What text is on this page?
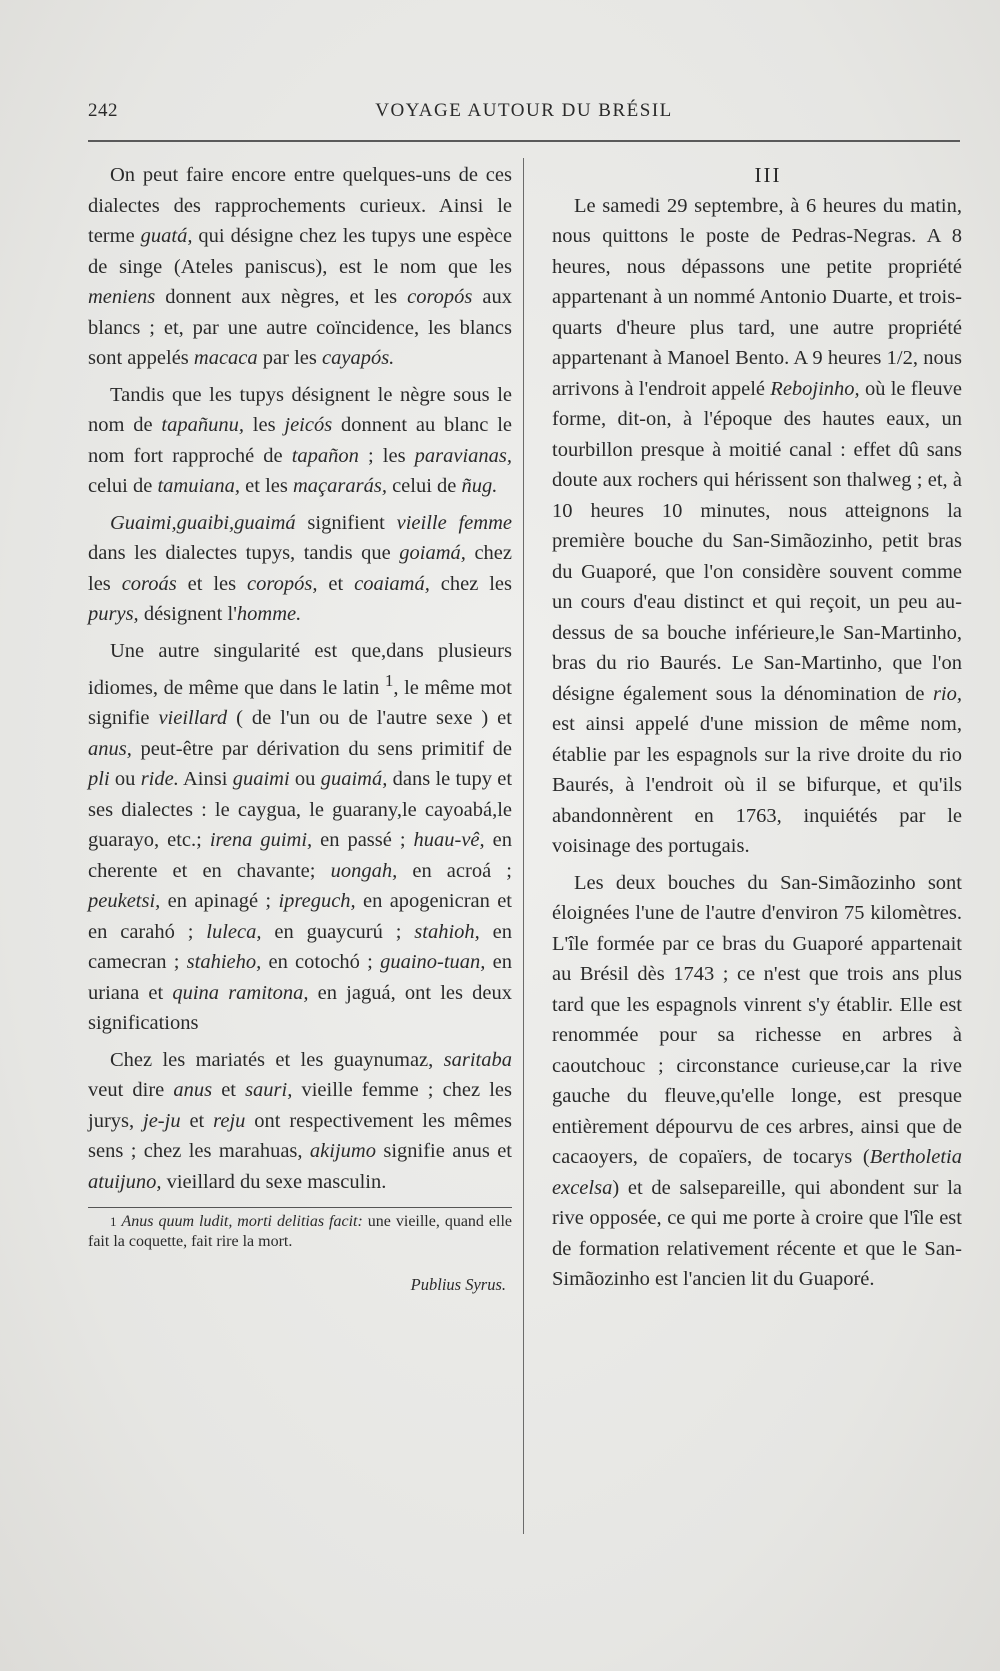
242	VOYAGE AUTOUR DU BRÉSIL

On peut faire encore entre quelques-uns de ces dialectes des rapprochements curieux. Ainsi le terme guatá, qui désigne chez les tupys une espèce de singe (Ateles paniscus), est le nom que les meniens donnent aux nègres, et les coropós aux blancs ; et, par une autre coïncidence, les blancs sont appelés macaca par les cayapós.

Tandis que les tupys désignent le nègre sous le nom de tapañunu, les jeicós donnent au blanc le nom fort rapproché de tapañon ; les paravianas, celui de tamuiana, et les maçararás, celui de ñug.

Guaimi,guaibi,guaimá signifient vieille femme dans les dialectes tupys, tandis que goiamá, chez les coroás et les coropós, et coaiamá, chez les purys, désignent l'homme.

Une autre singularité est que,dans plusieurs idiomes, de même que dans le latin $^1$, le même mot signifie vieillard ( de l'un ou de l'autre sexe ) et anus, peut-être par dérivation du sens primitif de pli ou ride. Ainsi guaimi ou guaimá, dans le tupy et ses dialectes : le caygua, le guarany,le cayoabá,le guarayo, etc.; irena guimi, en passé ; huau-vê, en cherente et en chavante; uongah, en acroá ; peuketsi, en apinagé ; ipreguch, en apogenicran et en carahó ; luleca, en guaycurú ; stahioh, en camecran ; stahieho, en cotochó ; guaino-tuan, en uriana et quina ramitona, en jaguá, ont les deux significations

Chez les mariatés et les guaynumaz, saritaba veut dire anus et sauri, vieille femme ; chez les jurys, je-ju et reju ont respectivement les mêmes sens ; chez les marahuas, akijumo signifie anus et atuijuno, vieillard du sexe masculin.

1 Anus quum ludit, morti delitias facit: une vieille, quand elle fait la coquette, fait rire la mort.

Publius Syrus.

III

Le samedi 29 septembre, à 6 heures du matin, nous quittons le poste de Pedras-Negras. A 8 heures, nous dépassons une petite propriété appartenant à un nommé Antonio Duarte, et trois-quarts d'heure plus tard, une autre propriété appartenant à Manoel Bento. A 9 heures 1/2, nous arrivons à l'endroit appelé Rebojinho, où le fleuve forme, dit-on, à l'époque des hautes eaux, un tourbillon presque à moitié canal : effet dû sans doute aux rochers qui hérissent son thalweg ; et, à 10 heures 10 minutes, nous atteignons la première bouche du San-Simãozinho, petit bras du Guaporé, que l'on considère souvent comme un cours d'eau distinct et qui reçoit, un peu au-dessus de sa bouche inférieure,le San-Martinho, bras du rio Baurés. Le San-Martinho, que l'on désigne également sous la dénomination de rio, est ainsi appelé d'une mission de même nom, établie par les espagnols sur la rive droite du rio Baurés, à l'endroit où il se bifurque, et qu'ils abandonnèrent en 1763, inquiétés par le voisinage des portugais.

Les deux bouches du San-Simãozinho sont éloignées l'une de l'autre d'environ 75 kilomètres. L'île formée par ce bras du Guaporé appartenait au Brésil dès 1743 ; ce n'est que trois ans plus tard que les espagnols vinrent s'y établir. Elle est renommée pour sa richesse en arbres à caoutchouc ; circonstance curieuse,car la rive gauche du fleuve,qu'elle longe, est presque entièrement dépourvu de ces arbres, ainsi que de cacaoyers, de copaïers, de tocarys (Bertholetia excelsa) et de salsepareille, qui abondent sur la rive opposée, ce qui me porte à croire que l'île est de formation relativement récente et que le San-Simãozinho est l'ancien lit du Guaporé.
